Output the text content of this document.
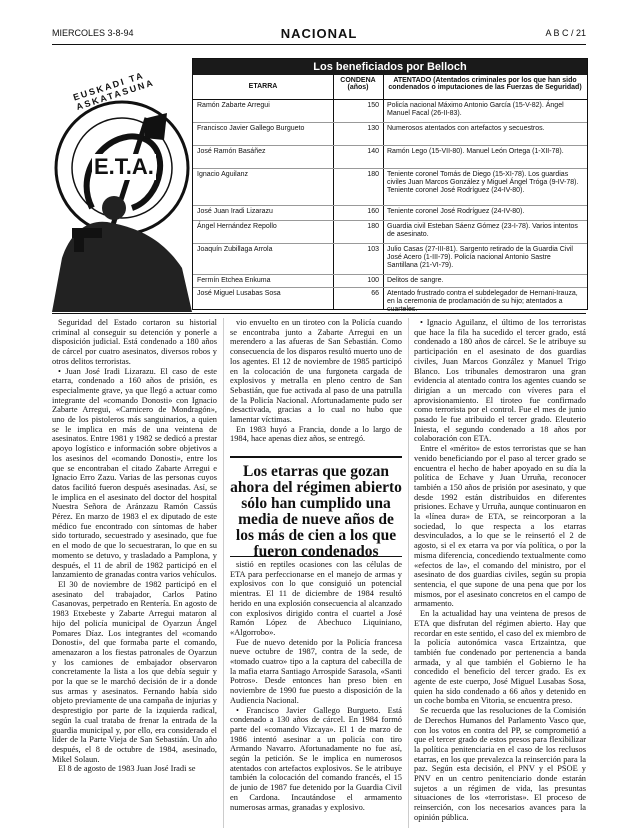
MIERCOLES 3-8-94	NACIONAL	A B C / 21
EUSKADI TA ASKATASUNA
E.T.A.
Los beneficiados por Belloch
ETARRA
CONDENA (años)
ATENTADO (Atentados criminales por los que han sido condenados o imputaciones de las Fuerzas de Seguridad)
Ramón Zabarte Arregui	150 Policía nacional Máximo Antonio García (15-V-82). Ángel Manuel Facal (26-II-83).
Francisco Javier Gallego Burgueto	130 Numerosos atentados con artefactos y secuestros.
José Ramón Basáñez	140 Ramón Lego (15-VII-80). Manuel León Ortega (1-XII-78).
Ignacio Aguilanz	180 Teniente coronel Tomás de Diego (15-XI-78). Los guardias civiles Juan Marcos González y Miguel Ángel Tróga (9-IV-78). Teniente coronel José Rodríguez (24-IV-80).
José Juan Iradi Lizarazu	160 Teniente coronel José Rodríguez (24-IV-80).
Ángel Hernández Repollo	180 Guardia civil Esteban Sáenz Gómez (23-I-78). Varios intentos de asesinato.
Joaquín Zubillaga Arrola	103 Julio Casas (27-III-81). Sargento retirado de la Guardia Civil José Acero (1-III-79). Policía nacional Antonio Sastre Santillana (21-VI-79).
Fermín Etchea Enkuma	100 Delitos de sangre.
José Miguel Lusabas Sosa	66 Atentado frustrado contra el subdelegador de Hernani-Irauza, en la ceremonia de proclamación de su hijo; atentados a cuarteles.

Seguridad del Estado cortaron su historial criminal al conseguir su detención y ponerle a disposición judicial. Está condenado a 180 años de cárcel por cuatro asesinatos, diversos robos y otros delitos terroristas.

• Juan José Iradi Lizarazu. El caso de este etarra, condenado a 160 años de prisión, es especialmente grave, ya que llegó a actuar como integrante del «comando Donosti» con Ignacio Zabarte Arregui, «Carnicero de Mondragón», uno de los pistoleros más sanguinarios, a quien se le implica en más de una veintena de asesinatos. Entre 1981 y 1982 se dedicó a prestar apoyo logístico e información sobre objetivos a los asesinos del «comando Donosti», entre los que se encontraban el citado Zabarte Arregui e Ignacio Erro Zazu. Varias de las personas cuyos datos facilitó fueron después asesinadas. Así, se le implica en el asesinato del doctor del hospital Nuestra Señora de Aránzazu Ramón Cassús Pérez. En marzo de 1983 el ex diputado de este médico fue encontrado con síntomas de haber sido torturado, secuestrado y asesinado, que fue en el modo de que lo secuestraran, lo que en su momento se detuvo, y trasladado a Pamplona, y después, el 11 de abril de 1982 participó en el lanzamiento de granadas contra varios vehículos.

El 30 de noviembre de 1982 participó en el asesinato del trabajador, Carlos Patino Casanovas, perpetrado en Rentería. En agosto de 1983 Etxebeste y Zabarte Arregui mataron al hijo del policía municipal de Oyarzun Ángel Pomares Díaz. Los integrantes del «comando Donosti», del que formaba parte el comando, amenazaron a los fiestas patronales de Oyarzun y los camiones de embajador observaron concretamente la lista a los que debía seguir y por la que se le marchó decisión de ir a donde sus armas y asesinatos. Fernando había sido objeto previamente de una campaña de injurias y desprestigio por parte de la izquierda radical, según la cual trataba de frenar la entrada de la guardia municipal y, por ello, era considerado el líder de la Parte Vieja de San Sebastián. Un año después, el 8 de octubre de 1984, asesinado, Mikel Solaun.

El 8 de agosto de 1983 Juan José Iradi se

vio envuelto en un tiroteo con la Policía cuando se encontraba junto a Zabarte Arregui en un merendero a las afueras de San Sebastián. Como consecuencia de los disparos resultó muerto uno de los agentes. El 12 de noviembre de 1985 participó en la colocación de una furgoneta cargada de explosivos y metralla en pleno centro de San Sebastián, que fue activada al paso de una patrulla de la Policía Nacional. Afortunadamente pudo ser desactivada, gracias a lo cual no hubo que lamentar víctimas.

En 1983 huyó a Francia, donde a lo largo de 1984, hace apenas diez años, se entregó.

Los etarras que gozan ahora del régimen abierto sólo han cumplido una media de nueve años de los más de cien a los que fueron condenados

sistió en reptiles ocasiones con las células de ETA para perfeccionarse en el manejo de armas y explosivos con lo que consiguió un potencial mientras. El 11 de diciembre de 1984 resultó herido en una explosión consecuencia al alcanzado con explosivos dirigido contra el cuartel a José Ramón López de Abechuco Liquiniano, «Algorrobo».

Fue de nuevo detenido por la Policía francesa nueve octubre de 1987, contra de la sede, de «tomado cuatro» tipo a la captura del cabecilla de la mafia etarra Santiago Arrospide Sarasola, «Santi Potros». Desde entonces han preso bien en noviembre de 1990 fue puesto a disposición de la Audiencia Nacional.

• Francisco Javier Gallego Burgueto. Está condenado a 130 años de cárcel. En 1984 formó parte del «comando Vizcaya». El 1 de marzo de 1986 intentó asesinar a un policía con tiro Armando Navarro. Afortunadamente no fue así, según la petición. Se le implica en numerosos atentados con artefactos explosivos. Se le atribuye también la colocación del comando francés, el 15 de junio de 1987 fue detenido por la Guardia Civil en Cardona. Incautándose el armamento numerosas armas, granadas y explosivo.

• Ignacio Aguilanz, el último de los terroristas que hace la fila ha sucedido el tercer grado, está condenado a 180 años de cárcel. Se le atribuye su participación en el asesinato de dos guardias civiles, Juan Marcos González y Manuel Trigo Blanco. Los tribunales demostraron una gran evidencia al atentado contra los agentes cuando se dirigían a un mercado con víveres para el aprovisionamiento. El tiroteo fue confirmado como terrorista por el control. Fue el mes de junio pasado le fue atribuido el tercer grado. Eleuterio Iniesta, el segundo condenado a 18 años por colaboración con ETA.

Entre el «mérito» de estos terroristas que se han venido beneficiando por el paso al tercer grado se encuentra el hecho de haber apoyado en su día la política de Echave y Juan Urruña, reconocer también a 150 años de prisión por asesinato, y que desde 1992 están distribuidos en diferentes prisiones. Echave y Urruña, aunque continuaron en la «línea dura» de ETA, se reincorporan a la sociedad, lo que respecta a los etarras desvinculados, a lo que se le reinsertó el 2 de agosto, si el ex etarra va por vía política, o por la misma diferencia, concediendo textualmente como «efectos de la», el comando del ministro, por el asesinato de dos guardias civiles, según su propia sentencia, el que supone de una pena que por los mismos, por el asesinato concretos en el campo de armamento.

En la actualidad hay una veintena de presos de ETA que disfrutan del régimen abierto. Hay que recordar en este sentido, el caso del ex miembro de la policía autonómica vasca Ertzaintza, que también fue condenado por pertenencia a banda armada, y al que también el Gobierno le ha concedido el beneficio del tercer grado. Es ex agente de este cuerpo, José Miguel Lusabas Sosa, quien ha sido condenado a 66 años y detenido en un coche bomba en Vitoria, se encuentra preso.

Se recuerda que las resoluciones de la Comisión de Derechos Humanos del Parlamento Vasco que, con los votos en contra del PP, se comprometió a que el tercer grado de estos presos para flexibilizar la política penitenciaria en el caso de los reclusos etarras, en los que prevalezca la reinserción para la paz. Según esta decisión, el PNV y el PSOE y PNV en un centro penitenciario donde estarán sujetos a un régimen de vida, las presuntas situaciones de los «terroristas». El proceso de reinserción, con los necesarios avances para la opinión pública.
